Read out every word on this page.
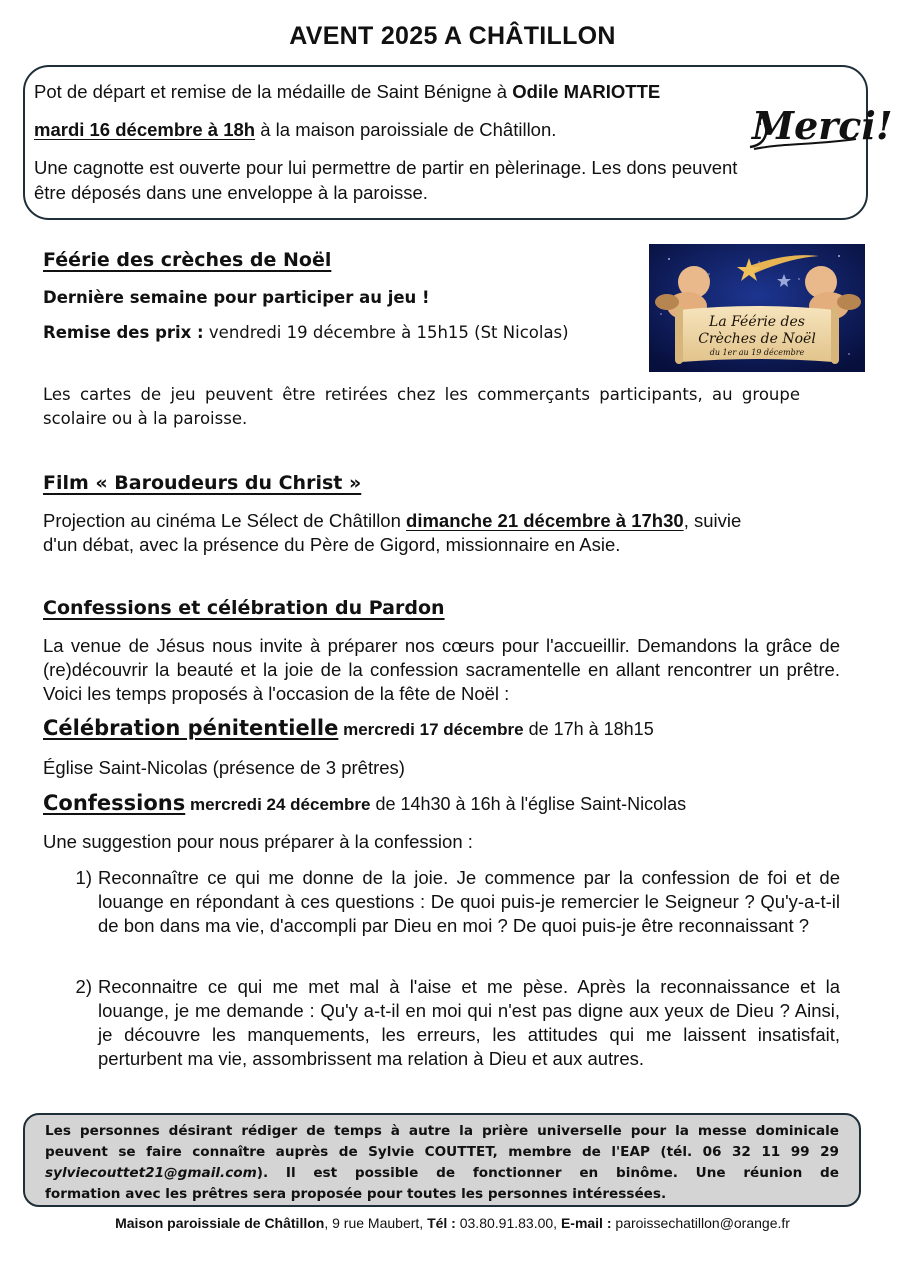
AVENT 2025 A CHÂTILLON

Pot de départ et remise de la médaille de Saint Bénigne à Odile MARIOTTE

mardi 16 décembre à 18h à la maison paroissiale de Châtillon.

Une cagnotte est ouverte pour lui permettre de partir en pèlerinage. Les dons peuvent

être déposés dans une enveloppe à la paroisse.

Merci!
Féérie des crèches de Noël
Dernière semaine pour participer au jeu !
Remise des prix : vendredi 19 décembre à 15h15 (St Nicolas)
La Féérie des
Crèches de Noël
du 1er au 19 décembre
Les cartes de jeu peuvent être retirées chez les commerçants participants, au groupe scolaire ou à la paroisse.
Film « Baroudeurs du Christ »
Projection au cinéma Le Sélect de Châtillon dimanche 21 décembre à 17h30, suivie
d'un débat, avec la présence du Père de Gigord, missionnaire en Asie.
Confessions et célébration du Pardon
La venue de Jésus nous invite à préparer nos cœurs pour l'accueillir. Demandons la grâce de (re)découvrir la beauté et la joie de la confession sacramentelle en allant rencontrer un prêtre. Voici les temps proposés à l'occasion de la fête de Noël :
Célébration pénitentielle mercredi 17 décembre de 17h à 18h15
Église Saint-Nicolas (présence de 3 prêtres)
Confessions mercredi 24 décembre de 14h30 à 16h à l'église Saint-Nicolas
Une suggestion pour nous préparer à la confession :
1) Reconnaître ce qui me donne de la joie. Je commence par la confession de foi et de louange en répondant à ces questions : De quoi puis-je remercier le Seigneur ? Qu'y-a-t-il de bon dans ma vie, d'accompli par Dieu en moi ? De quoi puis-je être reconnaissant ?
2) Reconnaitre ce qui me met mal à l'aise et me pèse. Après la reconnaissance et la louange, je me demande : Qu'y a-t-il en moi qui n'est pas digne aux yeux de Dieu ? Ainsi, je découvre les manquements, les erreurs, les attitudes qui me laissent insatisfait, perturbent ma vie, assombrissent ma relation à Dieu et aux autres.
Les personnes désirant rédiger de temps à autre la prière universelle pour la messe dominicale
peuvent se faire connaître auprès de Sylvie COUTTET, membre de l'EAP (tél. 06 32 11 99 29
sylviecouttet21@gmail.com). Il est possible de fonctionner en binôme. Une réunion de
formation avec les prêtres sera proposée pour toutes les personnes intéressées.
Maison paroissiale de Châtillon, 9 rue Maubert, Tél : 03.80.91.83.00, E-mail : paroissechatillon@orange.fr
